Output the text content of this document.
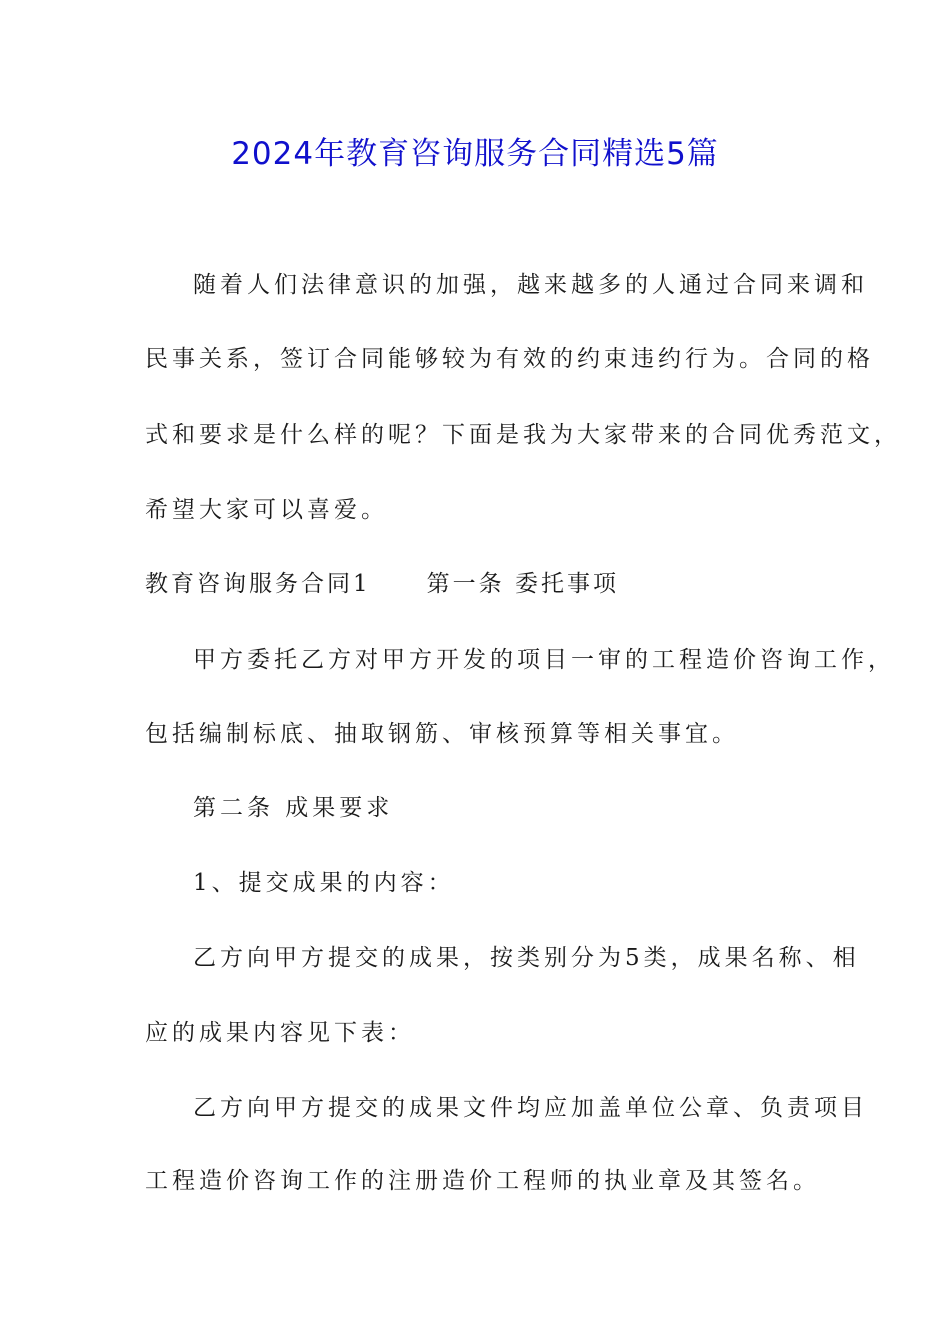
2024年教育咨询服务合同精选5篇
随着人们法律意识的加强，越来越多的人通过合同来调和
民事关系，签订合同能够较为有效的约束违约行为。合同的格
式和要求是什么样的呢？下面是我为大家带来的合同优秀范文，
希望大家可以喜爱。
教育咨询服务合同1 第一条 委托事项
甲方委托乙方对甲方开发的项目一审的工程造价咨询工作，
包括编制标底、抽取钢筋、审核预算等相关事宜。
第二条 成果要求
1、提交成果的内容：
乙方向甲方提交的成果，按类别分为5类，成果名称、相
应的成果内容见下表：
乙方向甲方提交的成果文件均应加盖单位公章、负责项目
工程造价咨询工作的注册造价工程师的执业章及其签名。
